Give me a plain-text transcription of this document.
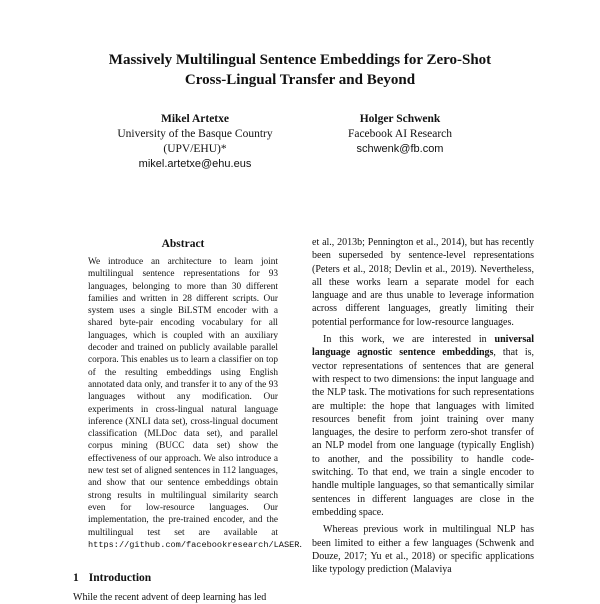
Massively Multilingual Sentence Embeddings for Zero-Shot
Cross-Lingual Transfer and Beyond
Mikel Artetxe
University of the Basque Country
(UPV/EHU)*
mikel.artetxe@ehu.eus
Holger Schwenk
Facebook AI Research
schwenk@fb.com
Abstract
We introduce an architecture to learn joint multilingual sentence representations for 93 languages, belonging to more than 30 different families and written in 28 different scripts. Our system uses a single BiLSTM encoder with a shared byte-pair encoding vocabulary for all languages, which is coupled with an auxiliary decoder and trained on publicly available parallel corpora. This enables us to learn a classifier on top of the resulting embeddings using English annotated data only, and transfer it to any of the 93 languages without any modification. Our experiments in cross-lingual natural language inference (XNLI data set), cross-lingual document classification (MLDoc data set), and parallel corpus mining (BUCC data set) show the effectiveness of our approach. We also introduce a new test set of aligned sentences in 112 languages, and show that our sentence embeddings obtain strong results in multilingual similarity search even for low-resource languages. Our implementation, the pre-trained encoder, and the multilingual test set are available at https://github.com/facebookresearch/LASER.
1 Introduction
While the recent advent of deep learning has led

et al., 2013b; Pennington et al., 2014), but has recently been superseded by sentence-level representations (Peters et al., 2018; Devlin et al., 2019). Nevertheless, all these works learn a separate model for each language and are thus unable to leverage information across different languages, greatly limiting their potential performance for low-resource languages.

In this work, we are interested in universal language agnostic sentence embeddings, that is, vector representations of sentences that are general with respect to two dimensions: the input language and the NLP task. The motivations for such representations are multiple: the hope that languages with limited resources benefit from joint training over many languages, the desire to perform zero-shot transfer of an NLP model from one language (typically English) to another, and the possibility to handle code-switching. To that end, we train a single encoder to handle multiple languages, so that semantically similar sentences in different languages are close in the embedding space.

Whereas previous work in multilingual NLP has been limited to either a few languages (Schwenk and Douze, 2017; Yu et al., 2018) or specific applications like typology prediction (Malaviya
